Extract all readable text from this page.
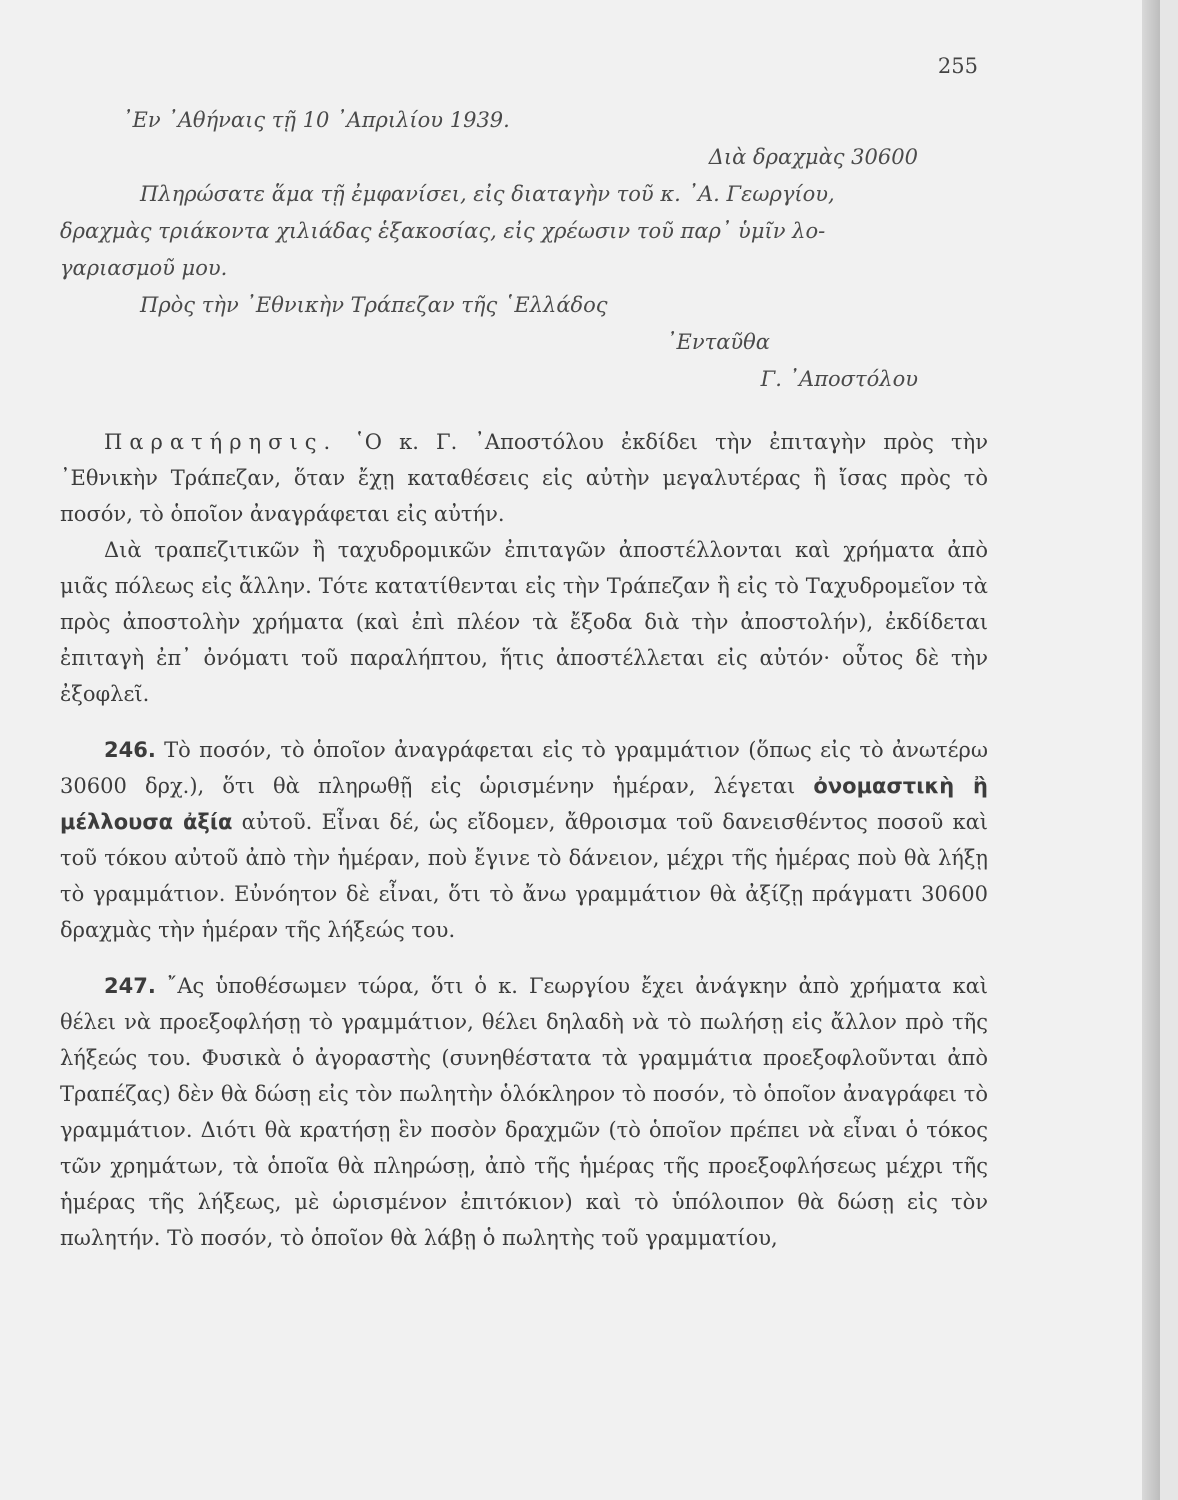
255
᾿Εν ᾿Αθήναις τῇ 10 ᾿Απριλίου 1939.
Διὰ δραχμὰς 30600
Πληρώσατε ἅμα τῇ ἐμφανίσει, εἰς διαταγὴν τοῦ κ. ᾿Α. Γεωργίου,
δραχμὰς τριάκοντα χιλιάδας ἑξακοσίας, εἰς χρέωσιν τοῦ παρ᾿ ὑμῖν λο-
γαριασμοῦ μου.
Πρὸς τὴν ᾿Εθνικὴν Τράπεζαν τῆς ῾Ελλάδος
᾿Ενταῦθα
Γ. ᾿Αποστόλου

Παρατήρησις. ῾Ο κ. Γ. ᾿Αποστόλου ἐκδίδει τὴν ἐπιταγὴν πρὸς τὴν ᾿Εθνικὴν Τράπεζαν, ὅταν ἔχῃ καταθέσεις εἰς αὐτὴν μεγαλυτέρας ἢ ἴσας πρὸς τὸ ποσόν, τὸ ὁποῖον ἀναγράφεται εἰς αὐτήν.

Διὰ τραπεζιτικῶν ἢ ταχυδρομικῶν ἐπιταγῶν ἀποστέλλονται καὶ χρήματα ἀπὸ μιᾶς πόλεως εἰς ἄλλην. Τότε κατατίθενται εἰς τὴν Τράπεζαν ἢ εἰς τὸ Ταχυδρομεῖον τὰ πρὸς ἀποστολὴν χρήματα (καὶ ἐπὶ πλέον τὰ ἔξοδα διὰ τὴν ἀποστολήν), ἐκδίδεται ἐπιταγὴ ἐπ᾿ ὀνόματι τοῦ παραλήπτου, ἥτις ἀποστέλλεται εἰς αὐτόν· οὗτος δὲ τὴν ἐξοφλεῖ.

246. Τὸ ποσόν, τὸ ὁποῖον ἀναγράφεται εἰς τὸ γραμμάτιον (ὅπως εἰς τὸ ἀνωτέρω 30600 δρχ.), ὅτι θὰ πληρωθῇ εἰς ὡρισμένην ἡμέραν, λέγεται ὀνομαστικὴ ἢ μέλλουσα ἀξία αὐτοῦ. Εἶναι δέ, ὡς εἴδομεν, ἄθροισμα τοῦ δανεισθέντος ποσοῦ καὶ τοῦ τόκου αὐτοῦ ἀπὸ τὴν ἡμέραν, ποὺ ἔγινε τὸ δάνειον, μέχρι τῆς ἡμέρας ποὺ θὰ λήξῃ τὸ γραμμάτιον. Εὐνόητον δὲ εἶναι, ὅτι τὸ ἄνω γραμμάτιον θὰ ἀξίζῃ πράγματι 30600 δραχμὰς τὴν ἡμέραν τῆς λήξεώς του.

247. ῎Ας ὑποθέσωμεν τώρα, ὅτι ὁ κ. Γεωργίου ἔχει ἀνάγκην ἀπὸ χρήματα καὶ θέλει νὰ προεξοφλήσῃ τὸ γραμμάτιον, θέλει δηλαδὴ νὰ τὸ πωλήσῃ εἰς ἄλλον πρὸ τῆς λήξεώς του. Φυσικὰ ὁ ἀγοραστὴς (συνηθέστατα τὰ γραμμάτια προεξοφλοῦνται ἀπὸ Τραπέζας) δὲν θὰ δώσῃ εἰς τὸν πωλητὴν ὁλόκληρον τὸ ποσόν, τὸ ὁποῖον ἀναγράφει τὸ γραμμάτιον. Διότι θὰ κρατήσῃ ἓν ποσὸν δραχμῶν (τὸ ὁποῖον πρέπει νὰ εἶναι ὁ τόκος τῶν χρημάτων, τὰ ὁποῖα θὰ πληρώσῃ, ἀπὸ τῆς ἡμέρας τῆς προεξοφλήσεως μέχρι τῆς ἡμέρας τῆς λήξεως, μὲ ὡρισμένον ἐπιτόκιον) καὶ τὸ ὑπόλοιπον θὰ δώσῃ εἰς τὸν πωλητήν. Τὸ ποσόν, τὸ ὁποῖον θὰ λάβῃ ὁ πωλητὴς τοῦ γραμματίου,
